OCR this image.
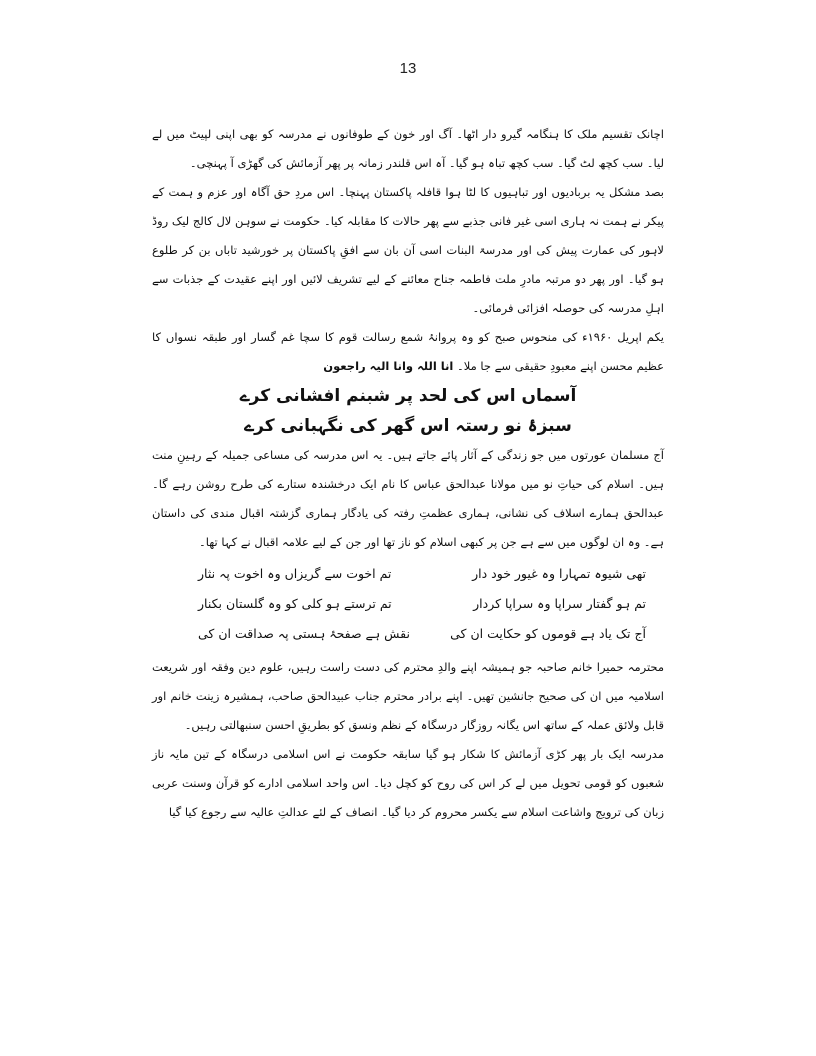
13

اچانک تقسیم ملک کا ہنگامہ گیرو دار اٹھا۔ آگ اور خون کے طوفانوں نے مدرسہ کو بھی اپنی لپیٹ میں لے لیا۔ سب کچھ لٹ گیا۔ سب کچھ تباہ ہو گیا۔ آہ اس قلندر زمانہ پر پھر آزمائش کی گھڑی آ پہنچی۔

بصد مشکل یہ بربادیوں اور تباہیوں کا لٹا ہوا قافلہ پاکستان پہنچا۔ اس مردِ حق آگاہ اور عزم و ہمت کے پیکر نے ہمت نہ ہاری اسی غیر فانی جذبے سے پھر حالات کا مقابلہ کیا۔ حکومت نے سوہن لال کالج لیک روڈ لاہور کی عمارت پیش کی اور مدرسۃ البنات اسی آن بان سے افقِ پاکستان پر خورشید تاباں بن کر طلوع ہو گیا۔ اور پھر دو مرتبہ مادرِ ملت فاطمہ جناح معائنے کے لیے تشریف لائیں اور اپنے عقیدت کے جذبات سے اہلِ مدرسہ کی حوصلہ افزائی فرمائی۔

یکم اپریل ۱۹۶۰ء کی منحوس صبح کو وہ پروانۂ شمع رسالت قوم کا سچا غم گسار اور طبقہ نسواں کا عظیم محسن اپنے معبودِ حقیقی سے جا ملا۔ انا اللہ وانا الیہ راجعون

آسماں اس کی لحد پر شبنم افشانی کرے

سبزۂ نو رستہ اس گھر کی نگہبانی کرے

آج مسلمان عورتوں میں جو زندگی کے آثار پائے جاتے ہیں۔ یہ اس مدرسہ کی مساعی جمیلہ کے رہینِ منت ہیں۔ اسلام کی حیاتِ نو میں مولانا عبدالحق عباس کا نام ایک درخشندہ ستارے کی طرح روشن رہے گا۔ عبدالحق ہمارے اسلاف کی نشانی، ہماری عظمتِ رفتہ کی یادگار ہماری گزشتہ اقبال مندی کی داستان ہے۔ وہ ان لوگوں میں سے ہے جن پر کبھی اسلام کو ناز تھا اور جن کے لیے علامہ اقبال نے کہا تھا۔

تھی شیوہ تمہارا وہ غیور خود دار
تم اخوت سے گریزاں وہ اخوت پہ نثار
تم ہو گفتار سراپا وہ سراپا کردار
تم ترستے ہو کلی کو وہ گلستان بکنار
آج تک یاد ہے قوموں کو حکایت ان کی
نقش ہے صفحۂ ہستی پہ صداقت ان کی

محترمہ حمیرا خانم صاحبہ جو ہمیشہ اپنے والدِ محترم کی دست راست رہیں، علوم دین وفقہ اور شریعت اسلامیہ میں ان کی صحیح جانشین تھیں۔ اپنے برادر محترم جناب عبیدالحق صاحب، ہمشیرہ زینت خانم اور قابل ولائق عملہ کے ساتھ اس یگانہ روزگار درسگاہ کے نظم ونسق کو بطریقِ احسن سنبھالتی رہیں۔

مدرسہ ایک بار پھر کڑی آزمائش کا شکار ہو گیا سابقہ حکومت نے اس اسلامی درسگاہ کے تین مایہ ناز شعبوں کو قومی تحویل میں لے کر اس کی روح کو کچل دیا۔ اس واحد اسلامی ادارے کو قرآن وسنت عربی زبان کی ترویج واشاعت اسلام سے یکسر محروم کر دیا گیا۔ انصاف کے لئے عدالتِ عالیہ سے رجوع کیا گیا
